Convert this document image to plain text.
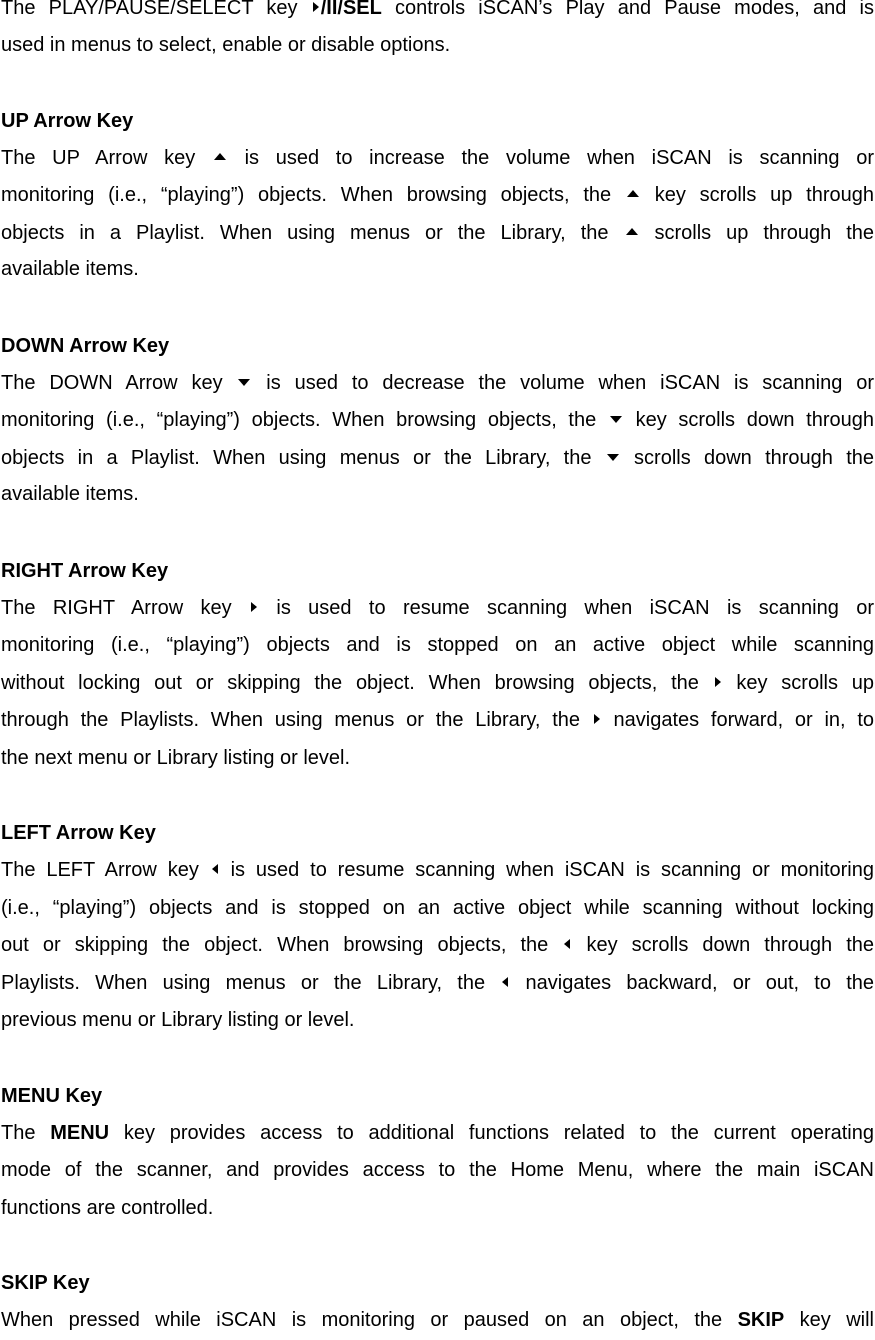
The PLAY/PAUSE/SELECT key /II/SEL controls iSCAN’s Play and Pause modes, and is

used in menus to select, enable or disable options.

UP Arrow Key

The UP Arrow key  is used to increase the volume when iSCAN is scanning or

monitoring (i.e., “playing”) objects. When browsing objects, the  key scrolls up through

objects in a Playlist. When using menus or the Library, the  scrolls up through the

available items.

DOWN Arrow Key

The DOWN Arrow key  is used to decrease the volume when iSCAN is scanning or

monitoring (i.e., “playing”) objects. When browsing objects, the  key scrolls down through

objects in a Playlist. When using menus or the Library, the  scrolls down through the

available items.

RIGHT Arrow Key

The RIGHT Arrow key  is used to resume scanning when iSCAN is scanning or

monitoring (i.e., “playing”) objects and is stopped on an active object while scanning

without locking out or skipping the object. When browsing objects, the  key scrolls up

through the Playlists. When using menus or the Library, the  navigates forward, or in, to

the next menu or Library listing or level.

LEFT Arrow Key

The LEFT Arrow key  is used to resume scanning when iSCAN is scanning or monitoring

(i.e., “playing”) objects and is stopped on an active object while scanning without locking

out or skipping the object. When browsing objects, the  key scrolls down through the

Playlists. When using menus or the Library, the  navigates backward, or out, to the

previous menu or Library listing or level.

MENU Key

The MENU key provides access to additional functions related to the current operating

mode of the scanner, and provides access to the Home Menu, where the main iSCAN

functions are controlled.

SKIP Key

When pressed while iSCAN is monitoring or paused on an object, the SKIP key will
